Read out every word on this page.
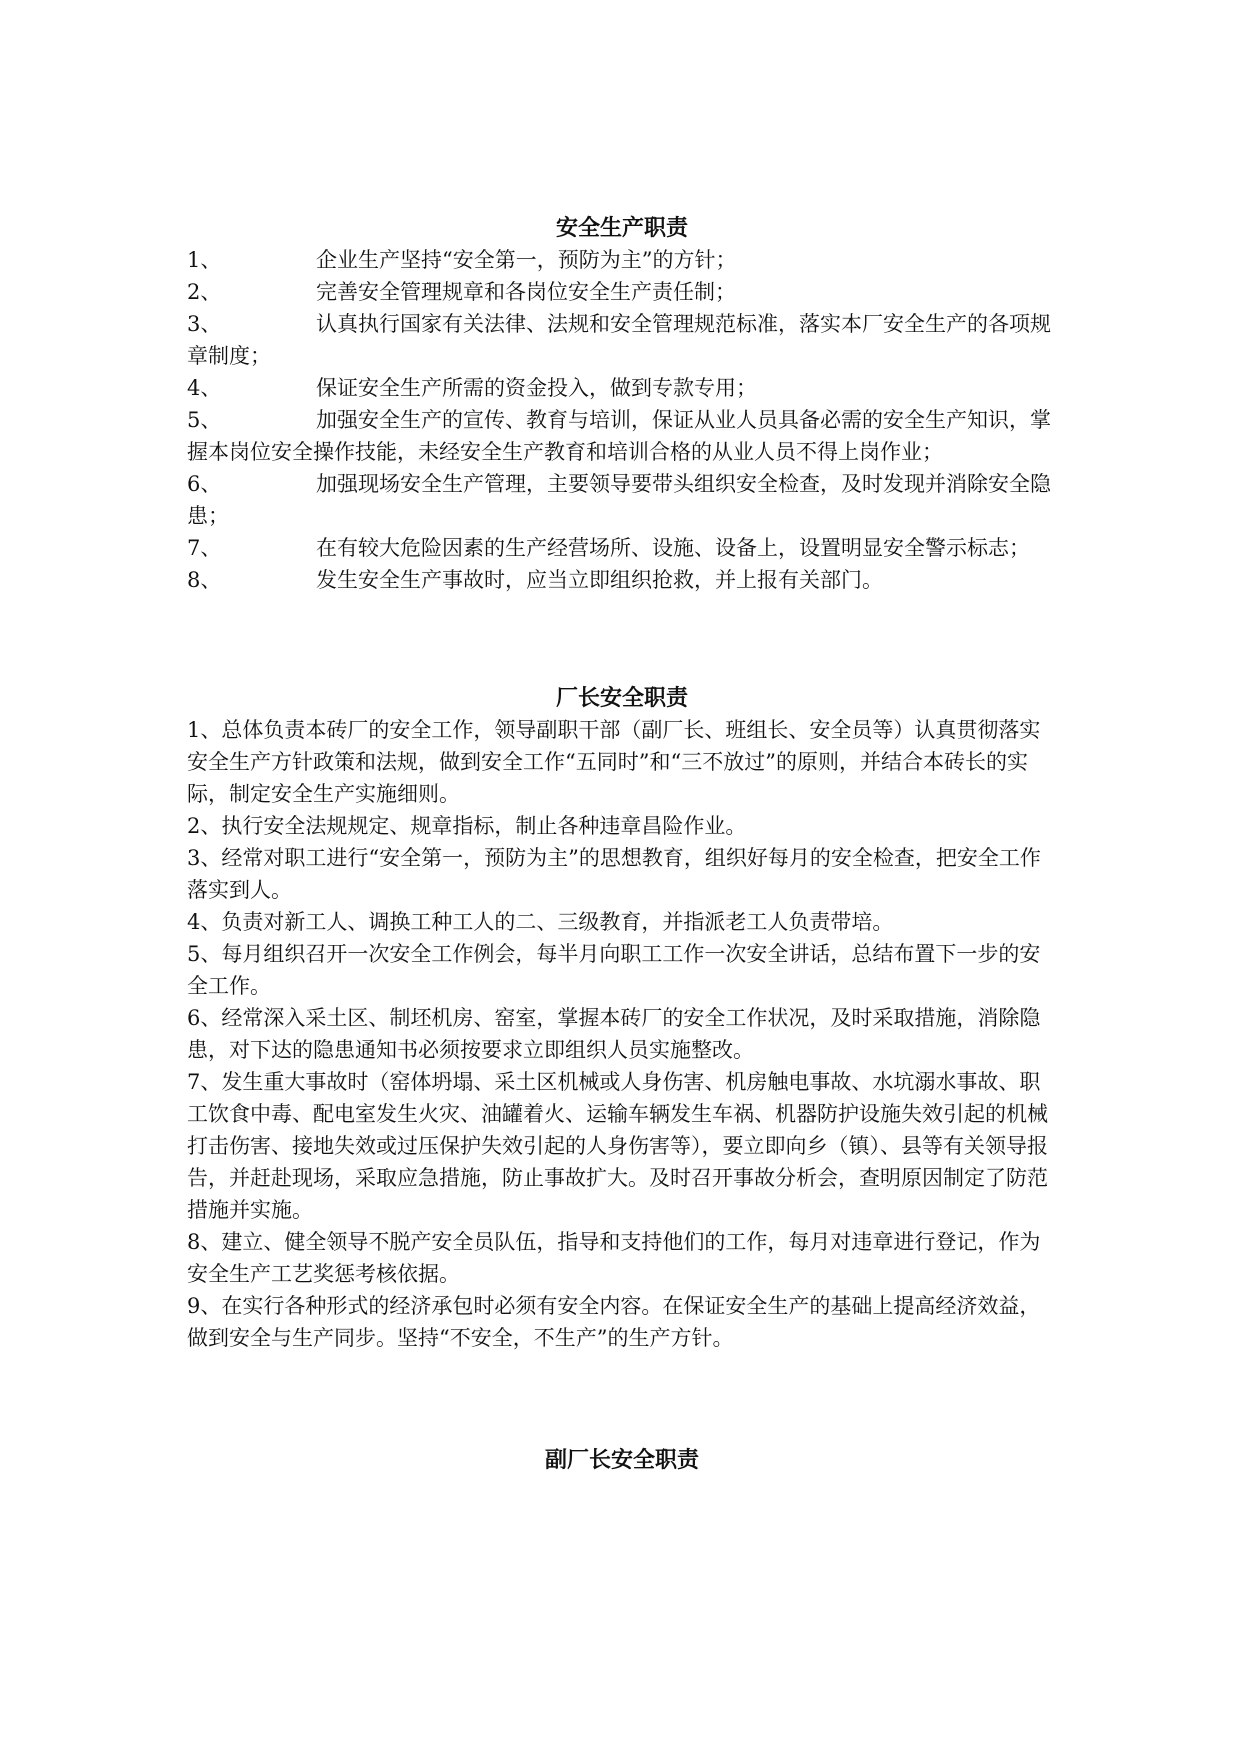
安全生产职责

1、	企业生产坚持“安全第一，预防为主”的方针；

2、	完善安全管理规章和各岗位安全生产责任制；

3、	认真执行国家有关法律、法规和安全管理规范标准，落实本厂安全生产的各项规章制度；

4、	保证安全生产所需的资金投入，做到专款专用；

5、	加强安全生产的宣传、教育与培训，保证从业人员具备必需的安全生产知识，掌握本岗位安全操作技能，未经安全生产教育和培训合格的从业人员不得上岗作业；

6、	加强现场安全生产管理，主要领导要带头组织安全检查，及时发现并消除安全隐患；

7、	在有较大危险因素的生产经营场所、设施、设备上，设置明显安全警示标志；

8、	发生安全生产事故时，应当立即组织抢救，并上报有关部门。

厂长安全职责

1、总体负责本砖厂的安全工作，领导副职干部（副厂长、班组长、安全员等）认真贯彻落实安全生产方针政策和法规，做到安全工作“五同时”和“三不放过”的原则，并结合本砖长的实际，制定安全生产实施细则。

2、执行安全法规规定、规章指标，制止各种违章昌险作业。

3、经常对职工进行“安全第一，预防为主”的思想教育，组织好每月的安全检查，把安全工作落实到人。

4、负责对新工人、调换工种工人的二、三级教育，并指派老工人负责带培。

5、每月组织召开一次安全工作例会，每半月向职工工作一次安全讲话，总结布置下一步的安全工作。

6、经常深入采土区、制坯机房、窑室，掌握本砖厂的安全工作状况，及时采取措施，消除隐患，对下达的隐患通知书必须按要求立即组织人员实施整改。

7、发生重大事故时（窑体坍塌、采土区机械或人身伤害、机房触电事故、水坑溺水事故、职工饮食中毒、配电室发生火灾、油罐着火、运输车辆发生车祸、机器防护设施失效引起的机械打击伤害、接地失效或过压保护失效引起的人身伤害等），要立即向乡（镇）、县等有关领导报告，并赶赴现场，采取应急措施，防止事故扩大。及时召开事故分析会，查明原因制定了防范措施并实施。

8、建立、健全领导不脱产安全员队伍，指导和支持他们的工作，每月对违章进行登记，作为安全生产工艺奖惩考核依据。

9、在实行各种形式的经济承包时必须有安全内容。在保证安全生产的基础上提高经济效益，做到安全与生产同步。坚持“不安全，不生产”的生产方针。

副厂长安全职责
